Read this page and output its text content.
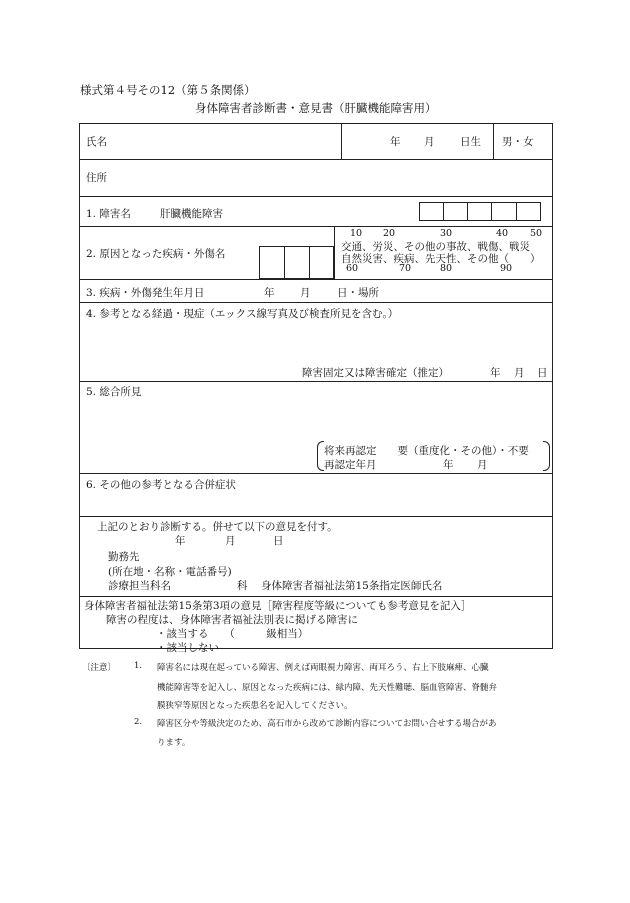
様式第４号その12（第５条関係）
身体障害者診断書・意見書（肝臓機能障害用）
氏名	年 月 日生 男・女
住所
1. 障害名	肝臓機能障害
2. 原因となった疾病・外傷名
10 20	30	40 50
交通、労災、その他の事故、戦傷、戦災
自然災害、疾病、先天性、その他（　　）
60	70	80	90
3. 疾病・外傷発生年月日	年 月	日・場所
4. 参考となる経過・現症（エックス線写真及び検査所見を含む。）
障害固定又は障害確定（推定）	年 月 日
5. 総合所見
将来再認定　　要（重度化・その他）・不要
再認定年月	年 月
6. その他の参考となる合併症状
上記のとおり診断する。併せて以下の意見を付す。
年	月	日
勤務先
(所在地・名称・電話番号)
診療担当科名	科 身体障害者福祉法第15条指定医師氏名
身体障害者福祉法第15条第3項の意見［障害程度等級についても参考意見を記入］
障害の程度は、身体障害者福祉法別表に掲げる障害に
・該当する　　（　　　級相当）
・該当しない
〔注意〕 1. 障害名には現在起っている障害、例えば両眼視力障害、両耳ろう、右上下肢麻痺、心臓
機能障害等を記入し、原因となった疾病には、緑内障、先天性難聴、脳血管障害、脊髄弁
膜狭窄等原因となった疾患名を記入してください。
2. 障害区分や等級決定のため、高石市から改めて診断内容についてお問い合せする場合があ
ります。
